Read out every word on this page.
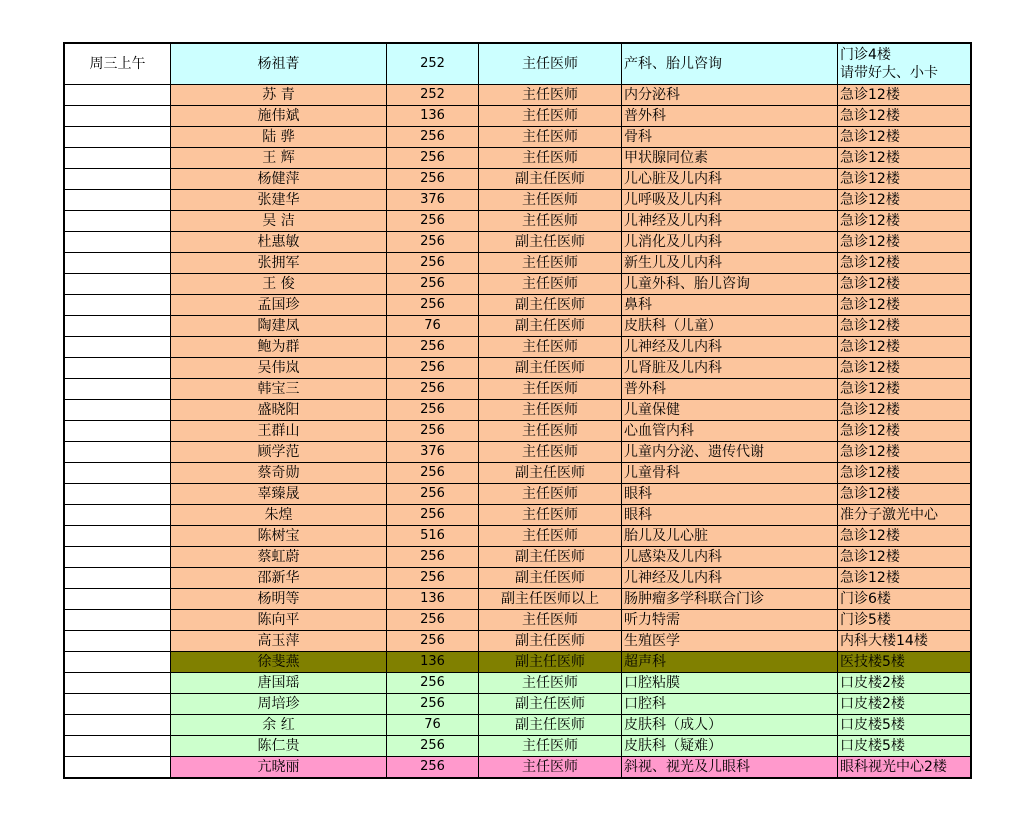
周三上午	杨祖菁	252	主任医师	产科、胎儿咨询	门诊4楼
请带好大、小卡

	苏 青	252	主任医师	内分泌科	急诊12楼
	施伟斌	136	主任医师	普外科	急诊12楼
	陆 骅	256	主任医师	骨科	急诊12楼
	王 辉	256	主任医师	甲状腺同位素	急诊12楼
	杨健萍	256	副主任医师	儿心脏及儿内科	急诊12楼
	张建华	376	主任医师	儿呼吸及儿内科	急诊12楼
	吴 洁	256	主任医师	儿神经及儿内科	急诊12楼
	杜惠敏	256	副主任医师	儿消化及儿内科	急诊12楼
	张拥军	256	主任医师	新生儿及儿内科	急诊12楼
	王 俊	256	主任医师	儿童外科、胎儿咨询	急诊12楼
	孟国珍	256	副主任医师	鼻科	急诊12楼
	陶建凤	76	副主任医师	皮肤科（儿童）	急诊12楼
	鲍为群	256	主任医师	儿神经及儿内科	急诊12楼
	吴伟岚	256	副主任医师	儿肾脏及儿内科	急诊12楼
	韩宝三	256	主任医师	普外科	急诊12楼
	盛晓阳	256	主任医师	儿童保健	急诊12楼
	王群山	256	主任医师	心血管内科	急诊12楼
	顾学范	376	主任医师	儿童内分泌、遗传代谢	急诊12楼
	蔡奇勋	256	副主任医师	儿童骨科	急诊12楼
	辜臻晟	256	主任医师	眼科	急诊12楼
	朱煌	256	主任医师	眼科	准分子激光中心
	陈树宝	516	主任医师	胎儿及儿心脏	急诊12楼
	蔡虹蔚	256	副主任医师	儿感染及儿内科	急诊12楼
	邵新华	256	副主任医师	儿神经及儿内科	急诊12楼
	杨明等	136	副主任医师以上	肠肿瘤多学科联合门诊	门诊6楼
	陈向平	256	主任医师	听力特需	门诊5楼
	高玉萍	256	副主任医师	生殖医学	内科大楼14楼
	徐斐燕	136	副主任医师	超声科	医技楼5楼
	唐国瑶	256	主任医师	口腔粘膜	口皮楼2楼
	周培珍	256	副主任医师	口腔科	口皮楼2楼
	余 红	76	副主任医师	皮肤科（成人）	口皮楼5楼
	陈仁贵	256	主任医师	皮肤科（疑难）	口皮楼5楼
	亢晓丽	256	主任医师	斜视、视光及儿眼科	眼科视光中心2楼
